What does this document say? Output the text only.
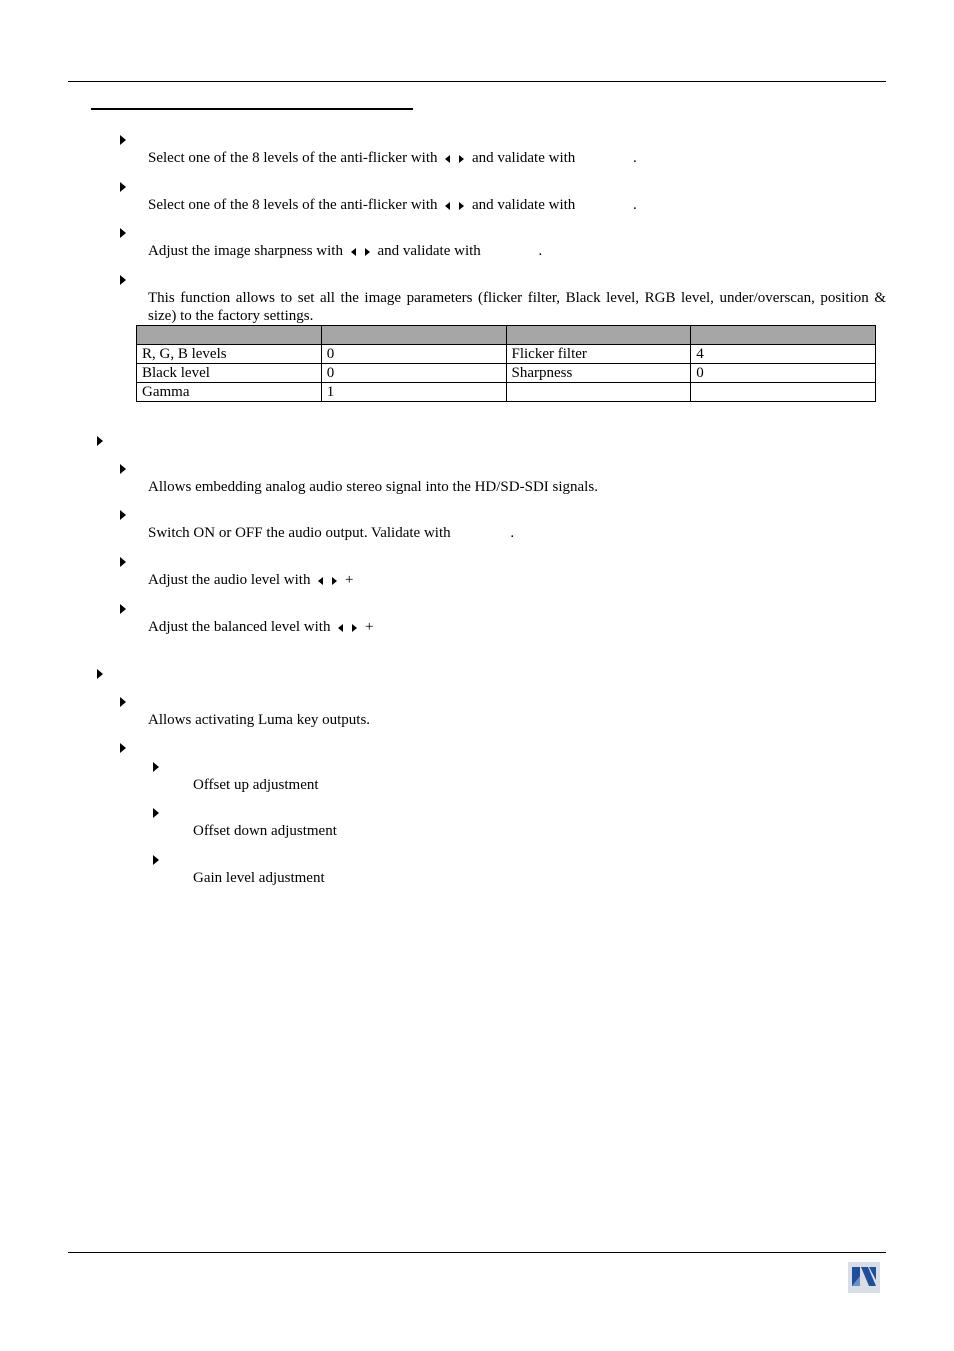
Select one of the 8 levels of the anti-flicker with and validate with	.
Select one of the 8 levels of the anti-flicker with and validate with	.
Adjust the image sharpness with and validate with	.
This function allows to set all the image parameters (flicker filter, Black level, RGB level, under/overscan, position & size) to the factory settings.

R, G, B levels	0	Flicker filter	4
Black level	0	Sharpness	0
Gamma	1		
Allows embedding analog audio stereo signal into the HD/SD-SDI signals.
Switch ON or OFF the audio output. Validate with	.
Adjust the audio level with +
Adjust the balanced level with +
Allows activating Luma key outputs.
Offset up adjustment
Offset down adjustment
Gain level adjustment
